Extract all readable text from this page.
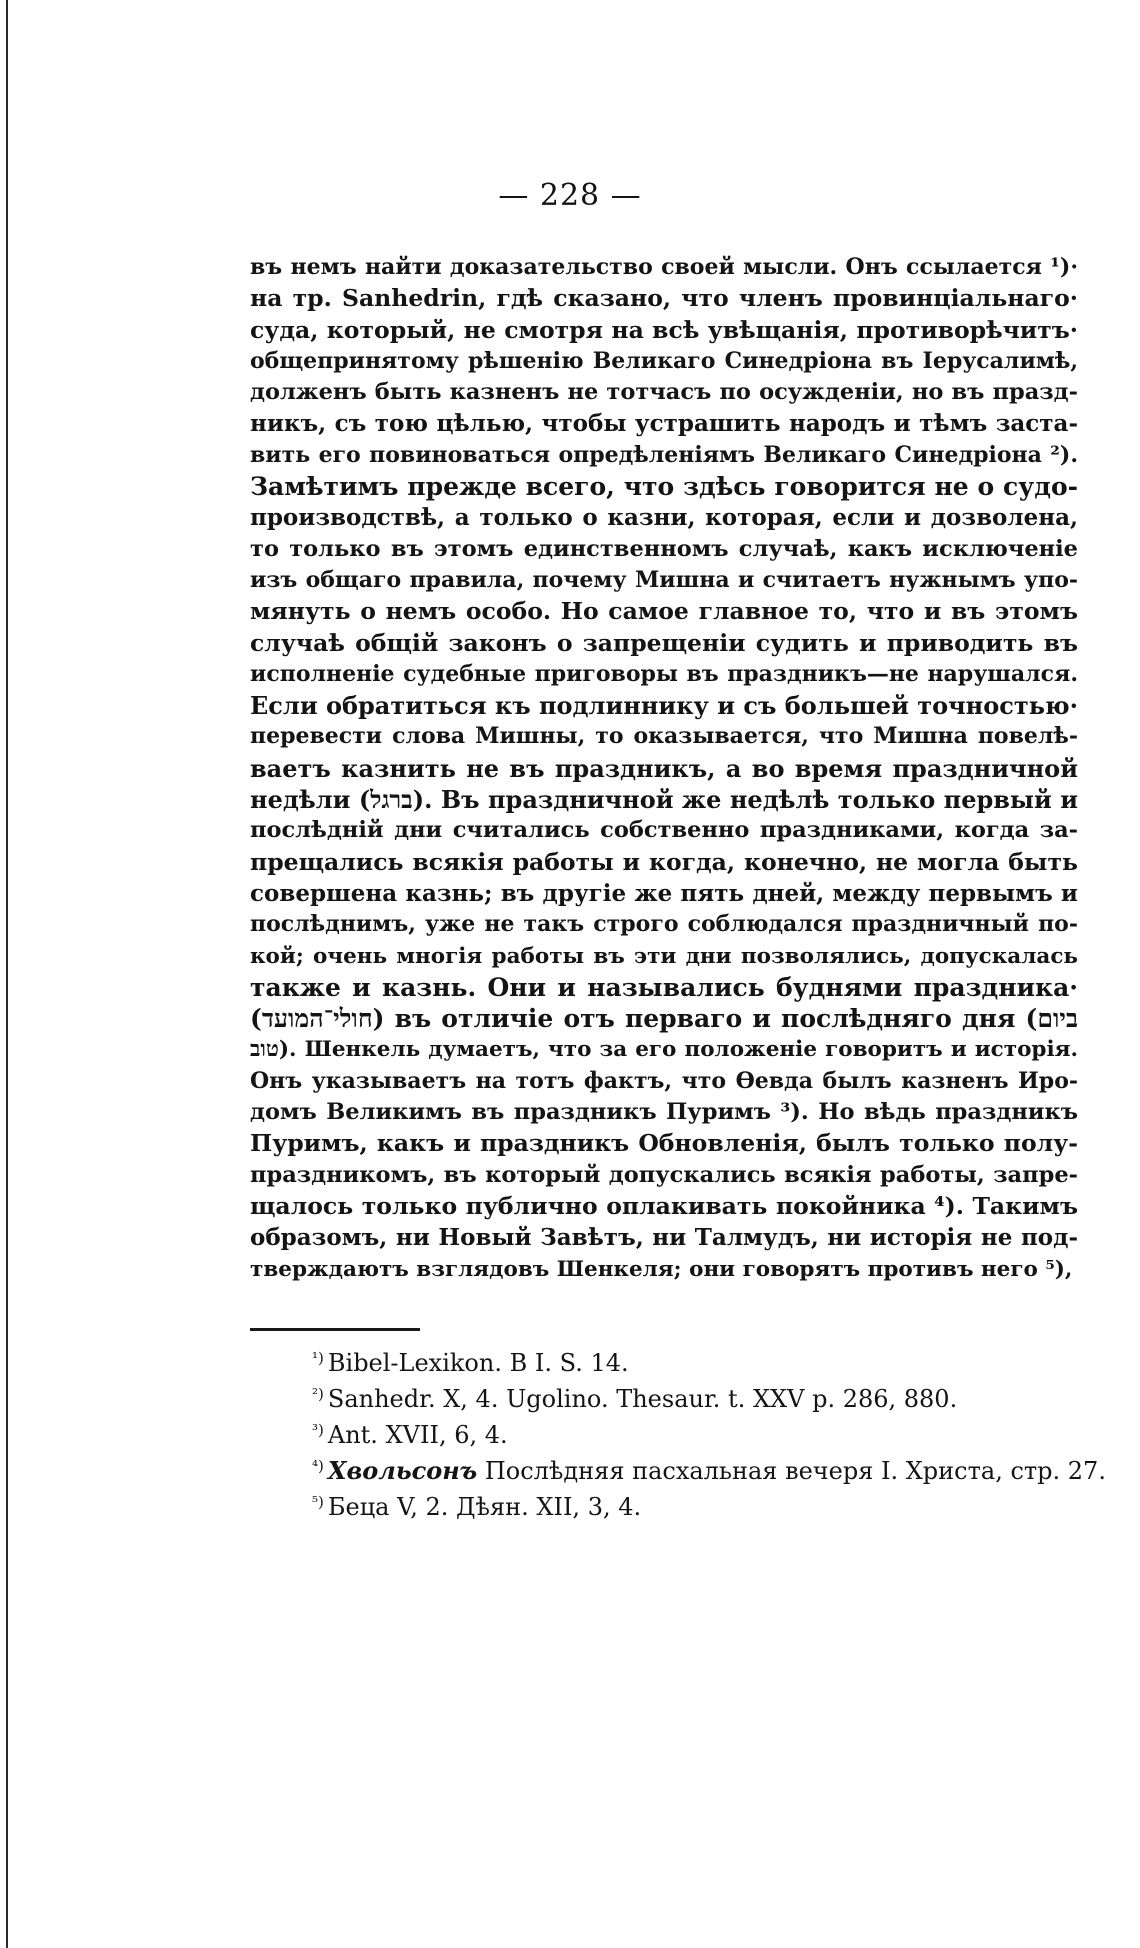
— 228 —
въ немъ найти доказательство своей мысли. Онъ ссылается ¹)·
на тр. Sanhedrin, гдѣ сказано, что членъ провинціальнаго·
суда, который, не смотря на всѣ увѣщанія, противорѣчитъ·
общепринятому рѣшенію Великаго Синедріона въ Іерусалимѣ,
долженъ быть казненъ не тотчасъ по осужденіи, но въ празд-
никъ, съ тою цѣлью, чтобы устрашить народъ и тѣмъ заста-
вить его повиноваться опредѣленіямъ Великаго Синедріона ²).
Замѣтимъ прежде всего, что здѣсь говорится не о судо-
производствѣ, а только о казни, которая, если и дозволена,
то только въ этомъ единственномъ случаѣ, какъ исключеніе
изъ общаго правила, почему Мишна и считаетъ нужнымъ упо-
мянуть о немъ особо. Но самое главное то, что и въ этомъ
случаѣ общій законъ о запрещеніи судить и приводить въ
исполненіе судебные приговоры въ праздникъ—не нарушался.
Если обратиться къ подлиннику и съ большей точностью·
перевести слова Мишны, то оказывается, что Мишна повелѣ-
ваетъ казнить не въ праздникъ, а во время праздничной
недѣли (ברגל). Въ праздничной же недѣлѣ только первый и
послѣдній дни считались собственно праздниками, когда за-
прещались всякія работы и когда, конечно, не могла быть
совершена казнь; въ другіе же пять дней, между первымъ и
послѣднимъ, уже не такъ строго соблюдался праздничный по-
кой; очень многія работы въ эти дни позволялись, допускалась
также и казнь. Они и назывались буднями праздника·
(חולי־המועד) въ отличіе отъ перваго и послѣдняго дня (ביום
טוב). Шенкель думаетъ, что за его положеніе говоритъ и исторія.
Онъ указываетъ на тотъ фактъ, что Өевда былъ казненъ Иро-
домъ Великимъ въ праздникъ Пуримъ ³). Но вѣдь праздникъ
Пуримъ, какъ и праздникъ Обновленія, былъ только полу-
праздникомъ, въ который допускались всякія работы, запре-
щалось только публично оплакивать покойника ⁴). Такимъ
образомъ, ни Новый Завѣтъ, ни Талмудъ, ни исторія не под-
тверждаютъ взглядовъ Шенкеля; они говорятъ противъ него ⁵),
$^{^1)}$ Bibel-Lexikon. B I. S. 14.
$^{^2)}$ Sanhedr. X, 4. Ugolino. Thesaur. t. XXV p. 286, 880.
$^{^3)}$ Ant. XVII, 6, 4.
$^{^4)}$ Хвольсонъ Послѣдняя пасхальная вечеря I. Христа, стр. 27.
$^{^5)}$ Беца V, 2. Дѣян. XII, 3, 4.
